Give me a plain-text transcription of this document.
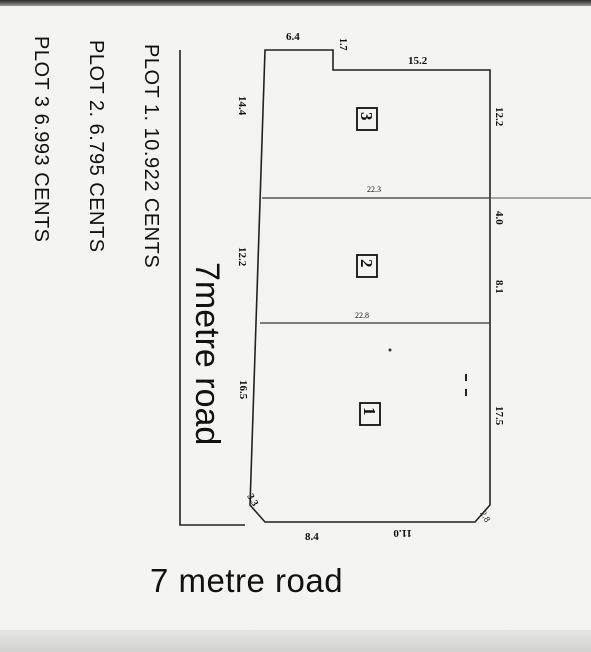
3
2
1
6.4
1.7
15.2
14.4
12.2
16.5
3.3
8.4	11.0
12.2
4.0
8.1
17.5
2.8
22.3
22.8
PLOT 1. 10.922 CENTS
PLOT 2. 6.795 CENTS
PLOT 3 6.993 CENTS
7metre road
7 metre road
